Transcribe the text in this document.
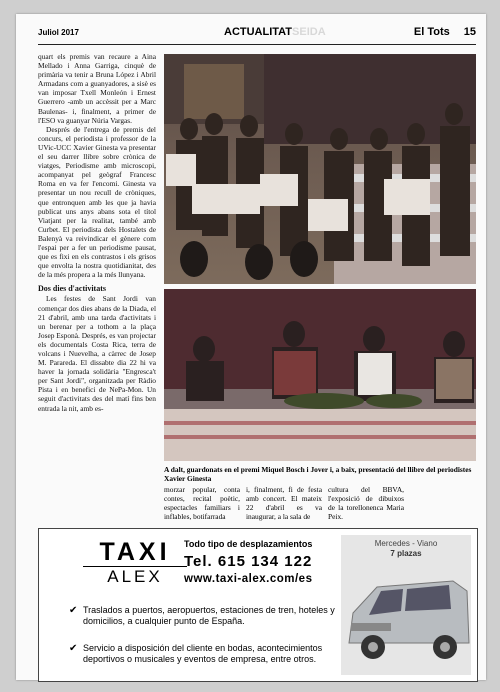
Juliol 2017	ACTUALITATSEIDA	El Tots 15

quart els premis van recaure a Aina Mellado i Anna Garriga, cinquè de primària va tenir a Bruna López i Abril Armadans com a guanyadores, a sisè es van imposar Txell Monleón i Ernest Guerrero -amb un accèssit per a Marc Baulenas- i, finalment, a primer de l'ESO va guanyar Núria Vargas.

Després de l'entrega de premis del concurs, el periodista i professor de la UVic-UCC Xavier Ginesta va presentar el seu darrer llibre sobre crònica de viatges, Periodisme amb microscopi, acompanyat pel geògraf Francesc Roma en va fer l'encomi. Ginesta va presentar un nou recull de cròniques, que entronquen amb les que ja havia publicat uns anys abans sota el títol Viatjant per la realitat, també amb Curbet. El periodista dels Hostalets de Balenyà va reivindicar el gènere com l'espai per a fer un periodisme pausat, que es fixi en els contrastos i els grisos que envolta la nostra quotidianitat, des de la més propera a la més llunyana.

Dos dies d'activitats

Les festes de Sant Jordi van començar dos dies abans de la Diada, el 21 d'abril, amb una tarda d'activitats i un berenar per a tothom a la plaça Josep Esponà. Després, es van projectar els documentals Costa Rica, terra de volcans i Nuevelha, a càrrec de Josep M. Parareda. El dissabte dia 22 hi va haver la jornada solidària "Engresca't per Sant Jordi", organitzada per Ràdio Pista i en benefici de NePa-Mon. Un seguit d'activitats des del matí fins ben entrada la nit, amb es-

A dalt, guardonats en el premi Miquel Bosch i Jover i, a baix, presentació del llibre del periodistes Xavier Ginesta
morzar popular, conta contes, recital poètic, espectacles familiars i inflables, botifarrada
i, finalment, fi de festa amb concert. El mateix 22 d'abril es va inaugurar, a la sala de
cultura del BBVA, l'exposició de dibuixos de la torellonenca Maria Peix.
TAXI
ALEX
Todo tipo de desplazamientos
Tel. 615 134 122
www.taxi-alex.com/es
Mercedes - Viano
7 plazas
✔ Traslados a puertos, aeropuertos, estaciones de tren, hoteles y domicilios, a cualquier punto de España.
✔ Servicio a disposición del cliente en bodas, acontecimientos deportivos o musicales y eventos de empresa, entre otros.
